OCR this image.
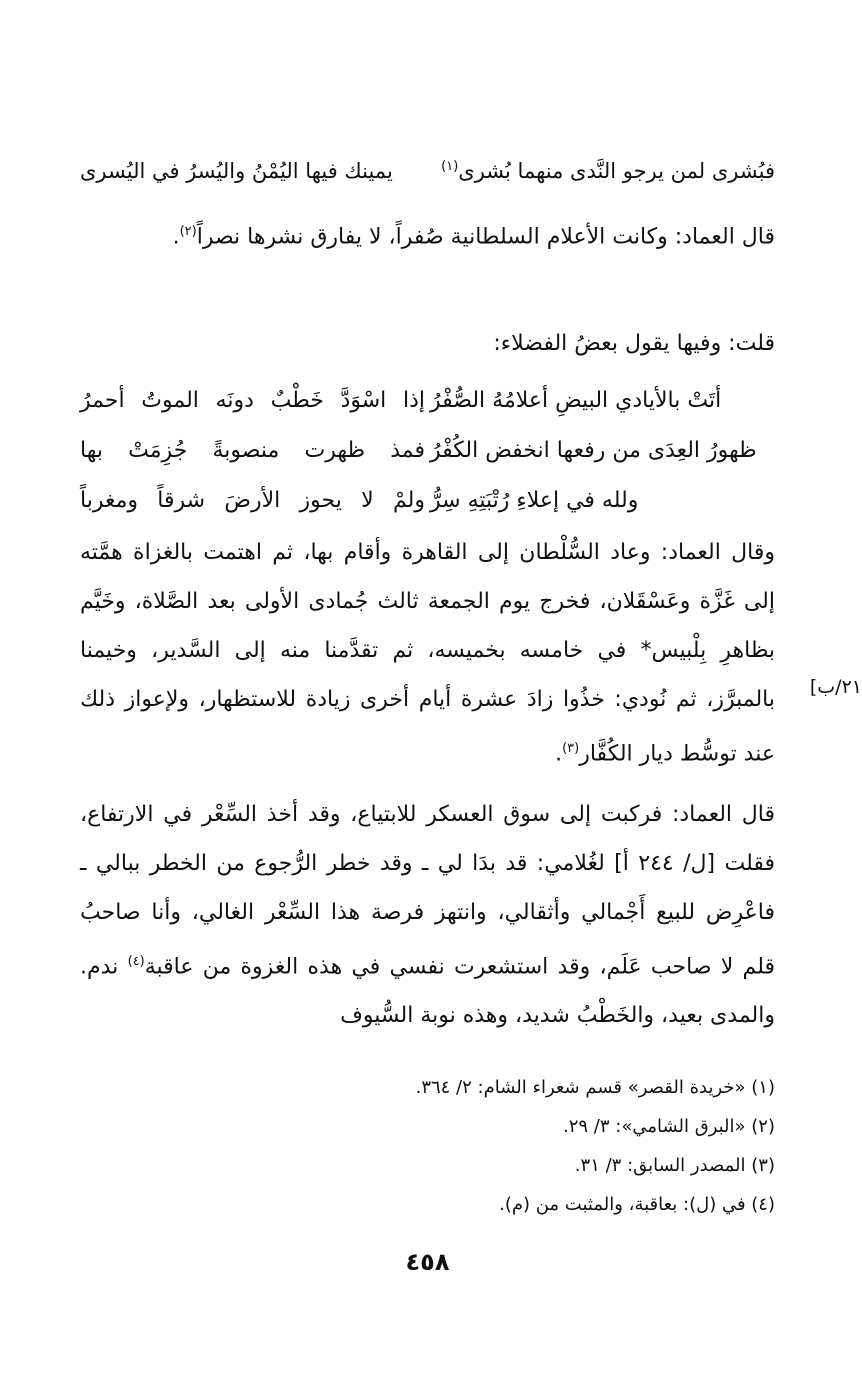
يمينك فيها اليُمْنُ واليُسرُ في اليُسرى	فبُشرى لمن يرجو النَّدى منهما بُشرى$^{(١)}$
قال العماد: وكانت الأعلام السلطانية صُفراً، لا يفارق نشرها نصراً$^{(٢)}$.
قلت: وفيها يقول بعضُ الفضلاء:
إذا اسْوَدَّ خَطْبٌ دونَه الموتُ أحمرُ أتَتْ بالأيادي البيضِ أعلامُهُ الصُّفْرُ
فمذ ظهرت منصوبةً جُزِمَتْ بها ظهورُ العِدَى من رفعها انخفض الكُفْرُ
ولمْ لا يحوز الأرضَ شرقاً ومغرباً ولله في إعلاءِ رُتْبَتِهِ سِرُّ
وقال العماد: وعاد السُّلْطان إلى القاهرة وأقام بها، ثم اهتمت بالغزاة همَّته إلى غَزَّة وعَسْقَلان، فخرج يوم الجمعة ثالث جُمادى الأولى بعد الصَّلاة، وخَيَّم بظاهرِ بِلْبيس* في خامسه بخميسه، ثم تقدَّمنا منه إلى السَّدير، وخيمنا بالمبرَّز، ثم نُودي: خذُوا زادَ عشرة أيام أخرى زيادة للاستظهار، ولإعواز ذلك عند توسُّط ديار الكُفَّار$^{(٣)}$.
٢١/ب]
قال العماد: فركبت إلى سوق العسكر للابتياع، وقد أخذ السِّعْر في الارتفاع، فقلت [ل/ ٢٤٤ أ] لغُلامي: قد بدَا لي ـ وقد خطر الرُّجوع من الخطر ببالي ـ فاعْرِض للبيع أَجْمالي وأثقالي، وانتهز فرصة هذا السِّعْر الغالي، وأنا صاحبُ قلم لا صاحب عَلَم، وقد استشعرت نفسي في هذه الغزوة من عاقبة$^{(٤)}$ ندم. والمدى بعيد، والخَطْبُ شديد، وهذه نوبة السُّيوف
(١) «خريدة القصر» قسم شعراء الشام: ٢/ ٣٦٤.
(٢) «البرق الشامي»: ٣/ ٢٩.
(٣) المصدر السابق: ٣/ ٣١.
(٤) في (ل): بعاقبة، والمثبت من (م).
٤٥٨
